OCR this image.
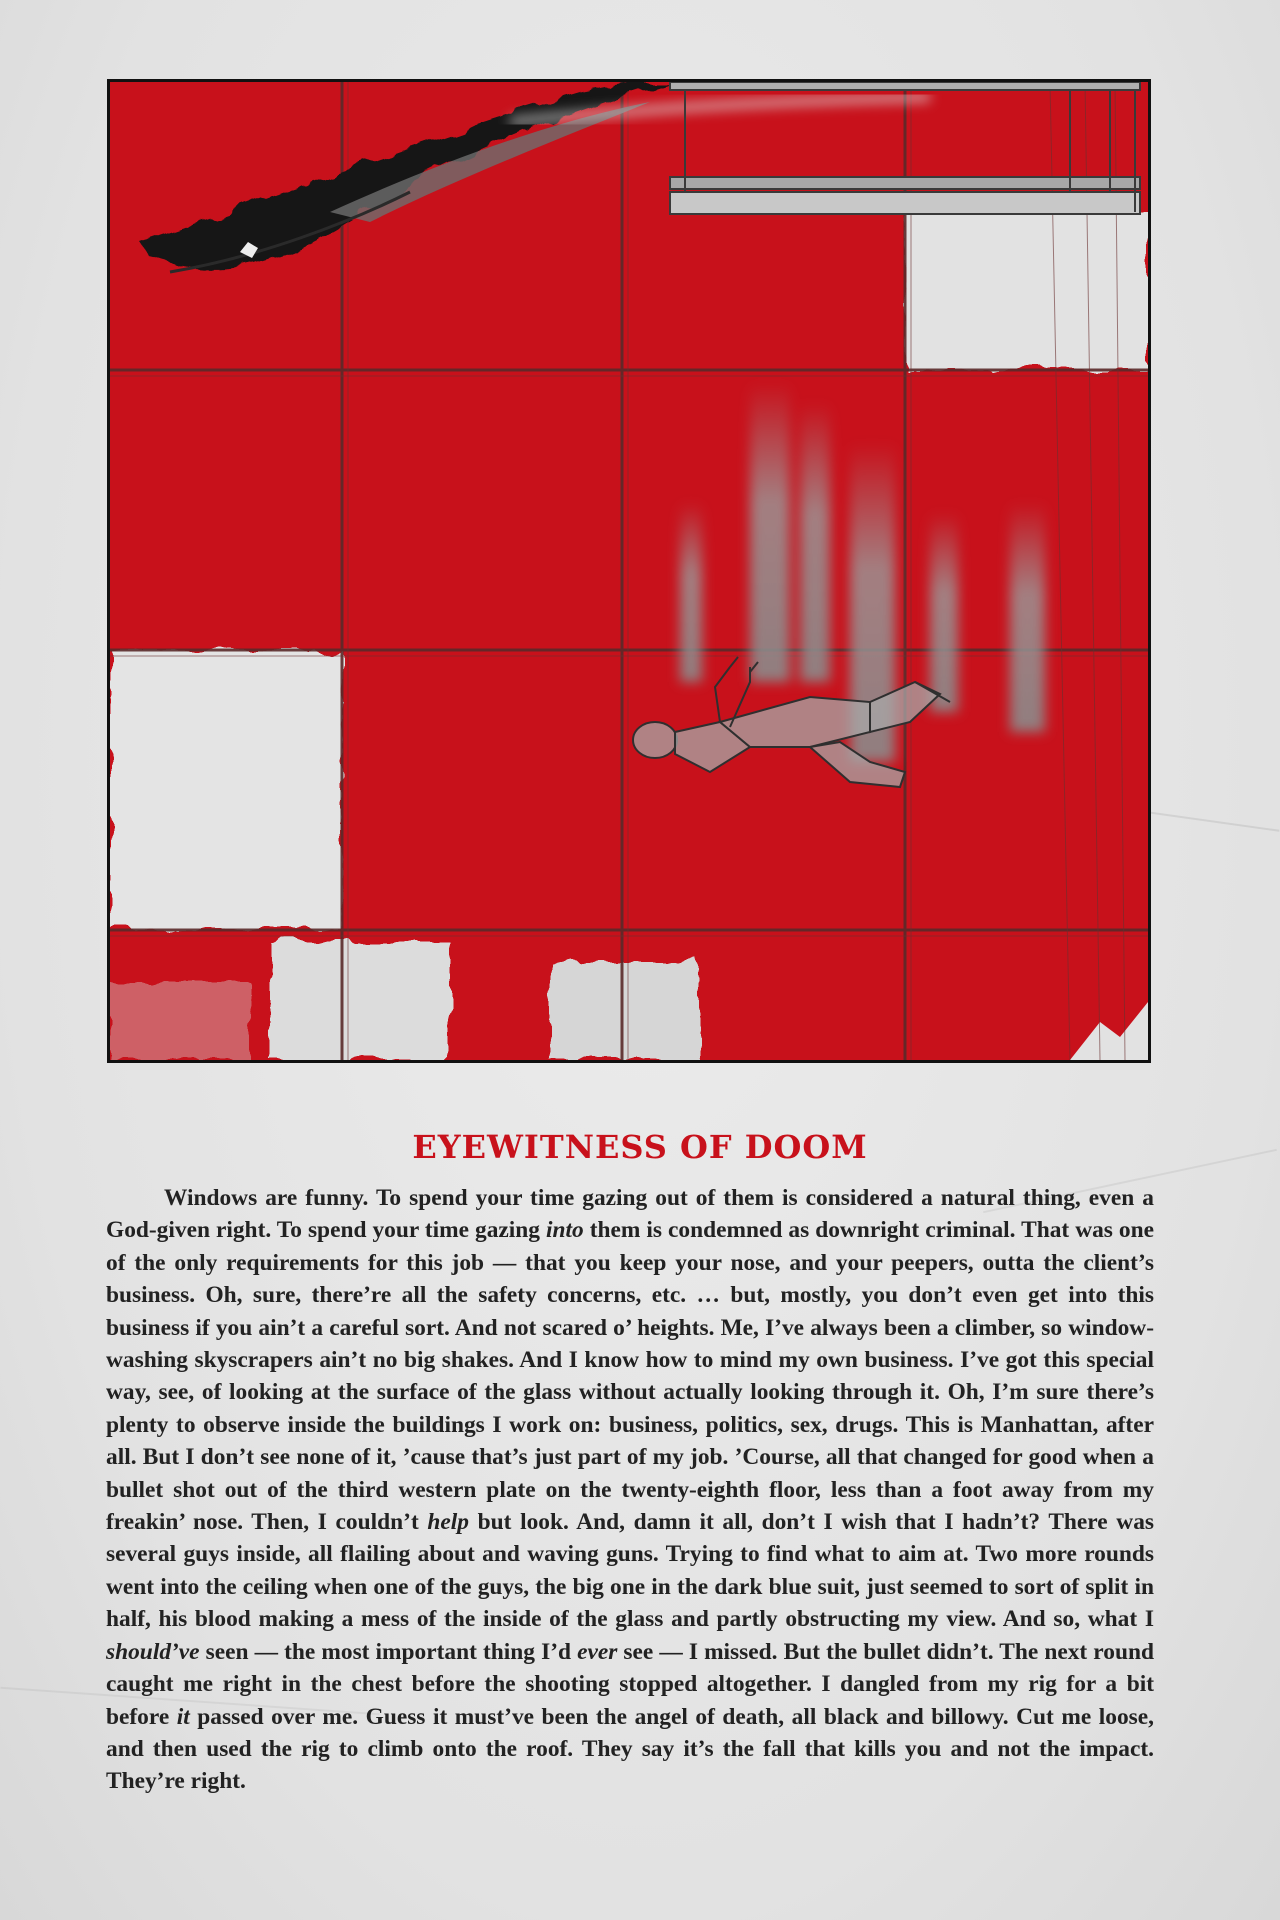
EYEWITNESS OF DOOM

Windows are funny. To spend your time gazing out of them is considered a natural thing, even a God-given right. To spend your time gazing into them is condemned as downright criminal. That was one of the only requirements for this job — that you keep your nose, and your peepers, outta the client’s business. Oh, sure, there’re all the safety concerns, etc. … but, mostly, you don’t even get into this business if you ain’t a careful sort. And not scared o’ heights. Me, I’ve always been a climber, so window-washing skyscrapers ain’t no big shakes. And I know how to mind my own business. I’ve got this special way, see, of looking at the surface of the glass without actually looking through it. Oh, I’m sure there’s plenty to observe inside the buildings I work on: business, politics, sex, drugs. This is Manhattan, after all. But I don’t see none of it, ’cause that’s just part of my job. ’Course, all that changed for good when a bullet shot out of the third western plate on the twenty-eighth floor, less than a foot away from my freakin’ nose. Then, I couldn’t help but look. And, damn it all, don’t I wish that I hadn’t? There was several guys inside, all flailing about and waving guns. Trying to find what to aim at. Two more rounds went into the ceiling when one of the guys, the big one in the dark blue suit, just seemed to sort of split in half, his blood making a mess of the inside of the glass and partly obstructing my view. And so, what I should’ve seen — the most important thing I’d ever see — I missed. But the bullet didn’t. The next round caught me right in the chest before the shooting stopped altogether. I dangled from my rig for a bit before it passed over me. Guess it must’ve been the angel of death, all black and billowy. Cut me loose, and then used the rig to climb onto the roof. They say it’s the fall that kills you and not the impact. They’re right.
